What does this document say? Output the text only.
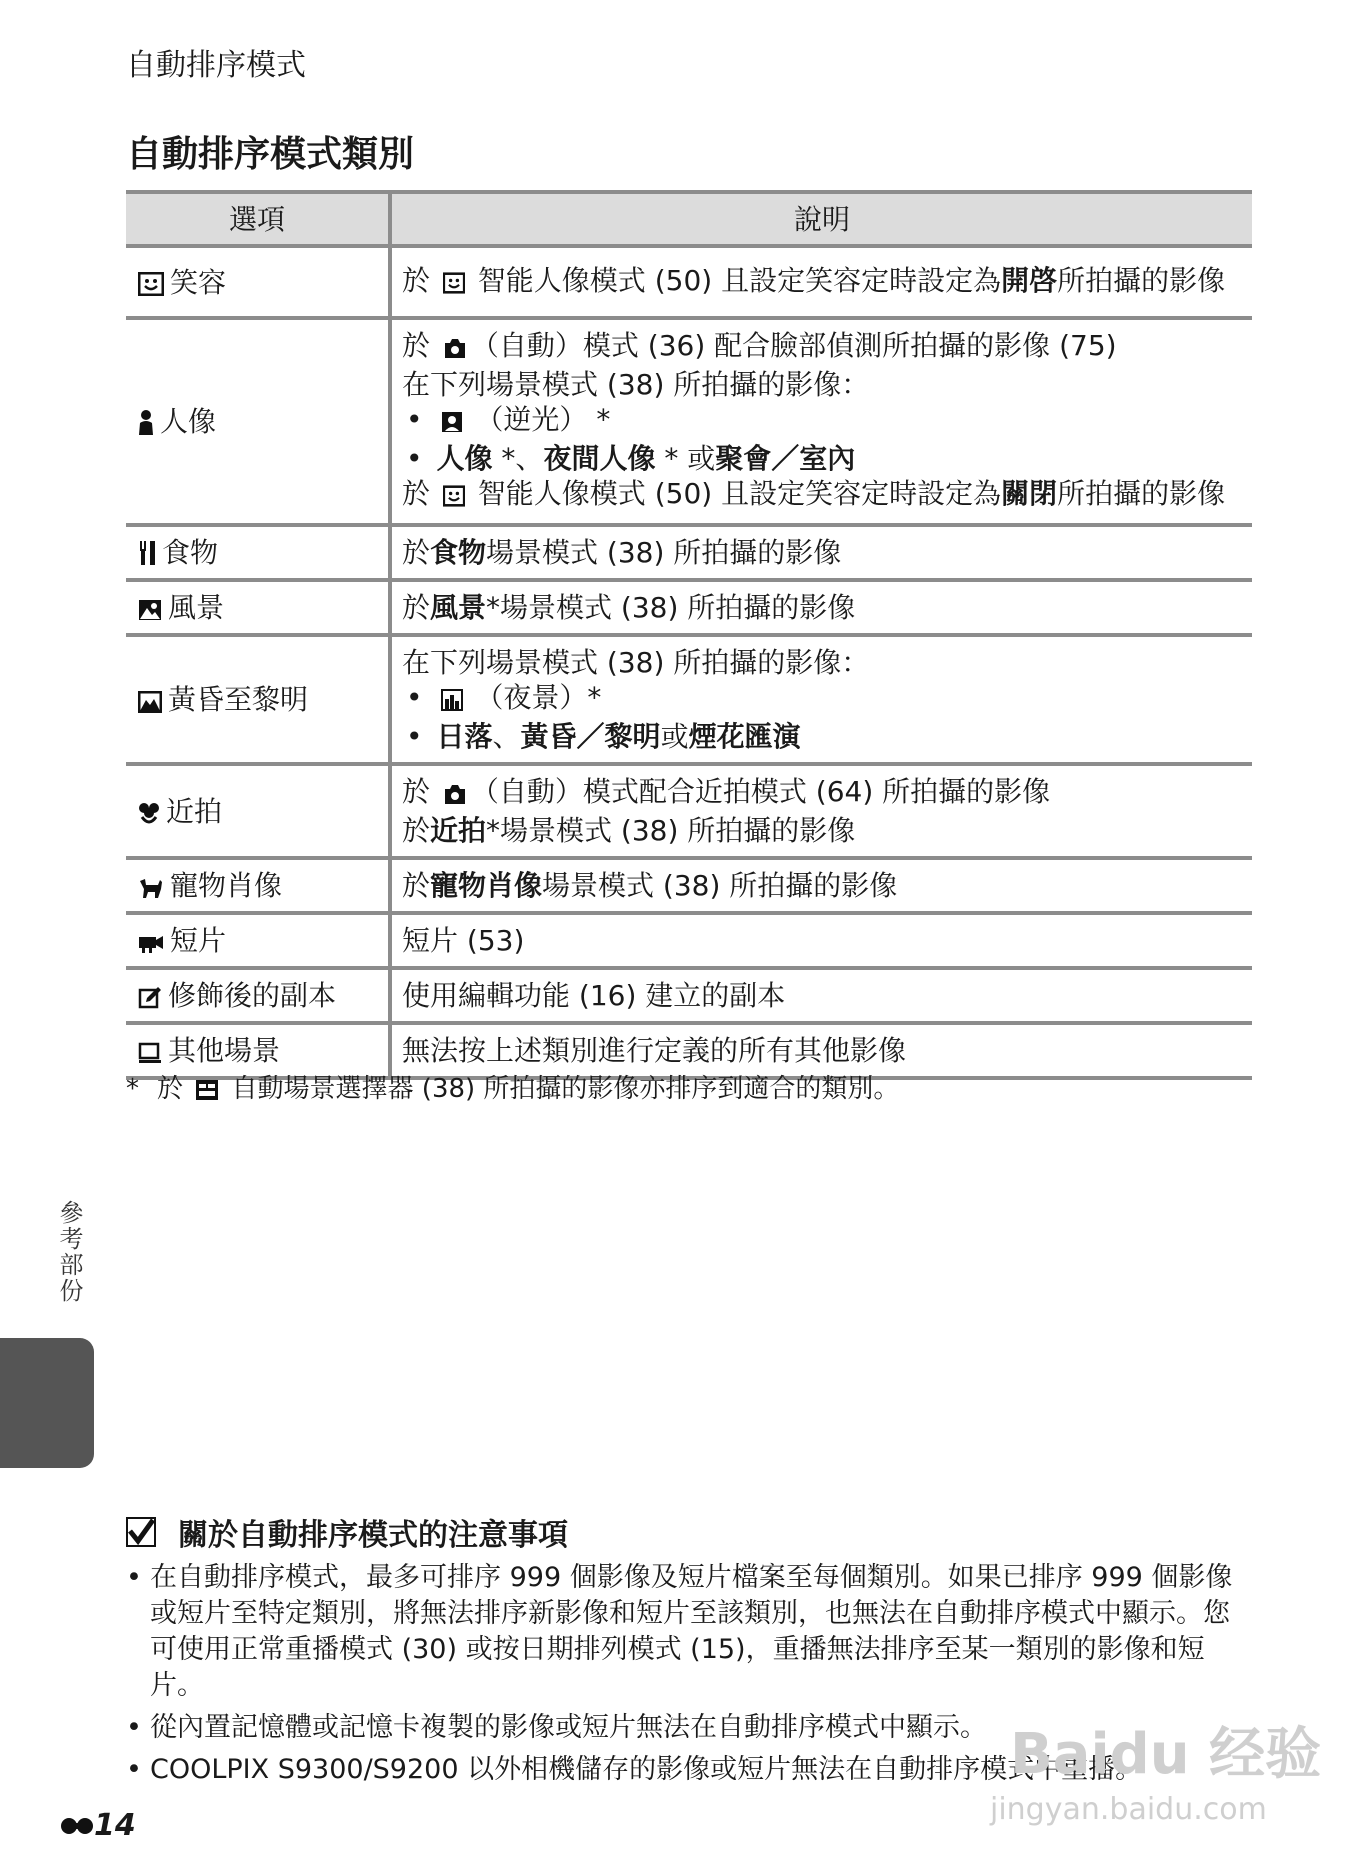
自動排序模式
自動排序模式類別
選項	說明
笑容	於  智能人像模式 (50) 且設定笑容定時設定為開啓所拍攝的影像
人像	於 （自動）模式 (36) 配合臉部偵測所拍攝的影像 (75)
在下列場景模式 (38) 所拍攝的影像：
• （逆光） *
• 人像 *、夜間人像 * 或聚會／室內
於  智能人像模式 (50) 且設定笑容定時設定為關閉所拍攝的影像

食物	於食物場景模式 (38) 所拍攝的影像
風景	於風景*場景模式 (38) 所拍攝的影像
黃昏至黎明	在下列場景模式 (38) 所拍攝的影像：
• （夜景）*
• 日落、黃昏／黎明或煙花匯演

近拍	於 （自動）模式配合近拍模式 (64) 所拍攝的影像
於近拍*場景模式 (38) 所拍攝的影像

寵物肖像	於寵物肖像場景模式 (38) 所拍攝的影像
短片	短片 (53)
修飾後的副本	使用編輯功能 (16) 建立的副本
其他場景	無法按上述類別進行定義的所有其他影像
* 於  自動場景選擇器 (38) 所拍攝的影像亦排序到適合的類別。
參考部份
關於自動排序模式的注意事項
• 在自動排序模式，最多可排序 999 個影像及短片檔案至每個類別。如果已排序 999 個影像或短片至特定類別，將無法排序新影像和短片至該類別，也無法在自動排序模式中顯示。您可使用正常重播模式 (30) 或按日期排列模式 (15)，重播無法排序至某一類別的影像和短片。
• 從內置記憶體或記憶卡複製的影像或短片無法在自動排序模式中顯示。
• COOLPIX S9300/S9200 以外相機儲存的影像或短片無法在自動排序模式中重播。
14
Baidu 经验
jingyan.baidu.com
